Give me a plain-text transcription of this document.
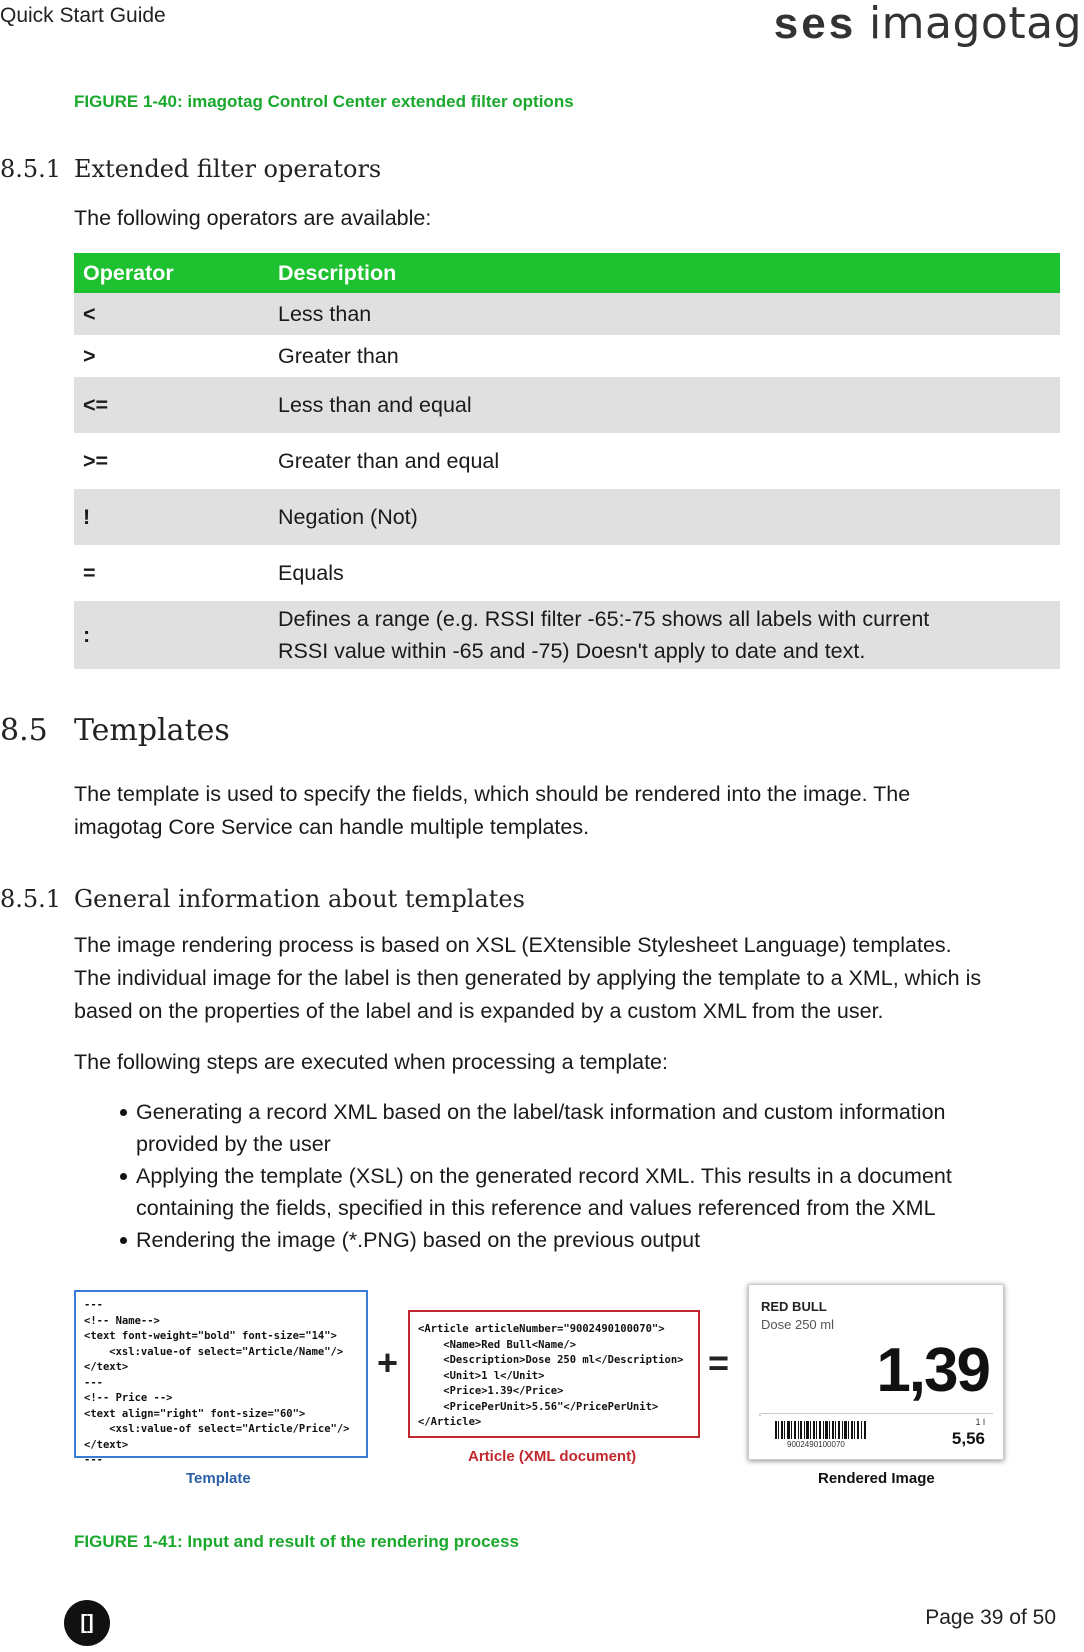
Quick Start Guide	ses imagotag
FIGURE 1-40: imagotag Control Center extended filter options
8.5.1 Extended filter operators
The following operators are available:
Operator	Description
<	Less than
>	Greater than
<=	Less than and equal
>=	Greater than and equal
!	Negation (Not)
=	Equals
:	Defines a range (e.g. RSSI filter -65:-75 shows all labels with current
RSSI value within -65 and -75) Doesn't apply to date and text.
8.5 Templates
The template is used to specify the fields, which should be rendered into the image. The
imagotag Core Service can handle multiple templates.
8.5.1 General information about templates
The image rendering process is based on XSL (EXtensible Stylesheet Language) templates.
The individual image for the label is then generated by applying the template to a XML, which is
based on the properties of the label and is expanded by a custom XML from the user.
The following steps are executed when processing a template:
Generating a record XML based on the label/task information and custom information
provided by the user
Applying the template (XSL) on the generated record XML. This results in a document
containing the fields, specified in this reference and values referenced from the XML
Rendering the image (*.PNG) based on the previous output
---
<!-- Name-->
<text font-weight="bold" font-size="14">
<xsl:value-of select="Article/Name"/>
</text>
---
<!-- Price -->
<text align="right" font-size="60">
<xsl:value-of select="Article/Price"/>
</text>
---
+
<Article articleNumber="9002490100070">
<Name>Red Bull<Name/>
<Description>Dose 250 ml</Description>
<Unit>1 l</Unit>
<Price>1.39</Price>
<PricePerUnit>5.56"</PricePerUnit>
</Article>
=
RED BULL
Dose 250 ml
1,39
9002490100070
1 l
5,56
Template
Article (XML document)
Rendered Image
FIGURE 1-41: Input and result of the rendering process
[]	Page 39 of 50
